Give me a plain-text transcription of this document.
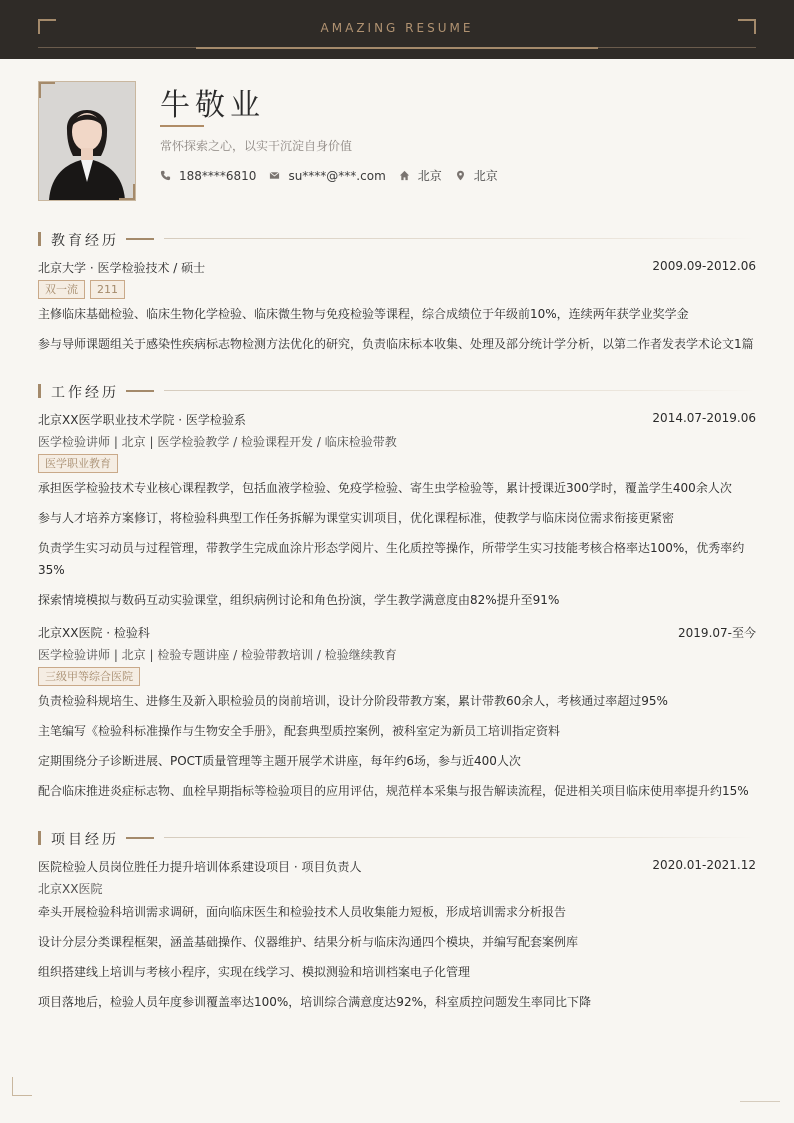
AMAZING RESUME
牛敬业
常怀探索之心，以实干沉淀自身价值
188****6810	su****@***.com	北京	北京
教育经历
北京大学 · 医学检验技术 / 硕士	2009.09-2012.06
双一流	211
主修临床基础检验、临床生物化学检验、临床微生物与免疫检验等课程，综合成绩位于年级前10%，连续两年获学业奖学金
参与导师课题组关于感染性疾病标志物检测方法优化的研究，负责临床标本收集、处理及部分统计学分析，以第二作者发表学术论文1篇
工作经历
北京XX医学职业技术学院 · 医学检验系	2014.07-2019.06
医学检验讲师 | 北京 | 医学检验教学 / 检验课程开发 / 临床检验带教
医学职业教育
承担医学检验技术专业核心课程教学，包括血液学检验、免疫学检验、寄生虫学检验等，累计授课近300学时，覆盖学生400余人次
参与人才培养方案修订，将检验科典型工作任务拆解为课堂实训项目，优化课程标准，使教学与临床岗位需求衔接更紧密
负责学生实习动员与过程管理，带教学生完成血涂片形态学阅片、生化质控等操作，所带学生实习技能考核合格率达100%，优秀率约35%
探索情境模拟与数码互动实验课堂，组织病例讨论和角色扮演，学生教学满意度由82%提升至91%
北京XX医院 · 检验科	2019.07-至今
医学检验讲师 | 北京 | 检验专题讲座 / 检验带教培训 / 检验继续教育
三级甲等综合医院
负责检验科规培生、进修生及新入职检验员的岗前培训，设计分阶段带教方案，累计带教60余人，考核通过率超过95%
主笔编写《检验科标准操作与生物安全手册》，配套典型质控案例，被科室定为新员工培训指定资料
定期围绕分子诊断进展、POCT质量管理等主题开展学术讲座，每年约6场，参与近400人次
配合临床推进炎症标志物、血栓早期指标等检验项目的应用评估，规范样本采集与报告解读流程，促进相关项目临床使用率提升约15%
项目经历
医院检验人员岗位胜任力提升培训体系建设项目 · 项目负责人	2020.01-2021.12
北京XX医院
牵头开展检验科培训需求调研，面向临床医生和检验技术人员收集能力短板，形成培训需求分析报告
设计分层分类课程框架，涵盖基础操作、仪器维护、结果分析与临床沟通四个模块，并编写配套案例库
组织搭建线上培训与考核小程序，实现在线学习、模拟测验和培训档案电子化管理
项目落地后，检验人员年度参训覆盖率达100%，培训综合满意度达92%，科室质控问题发生率同比下降
